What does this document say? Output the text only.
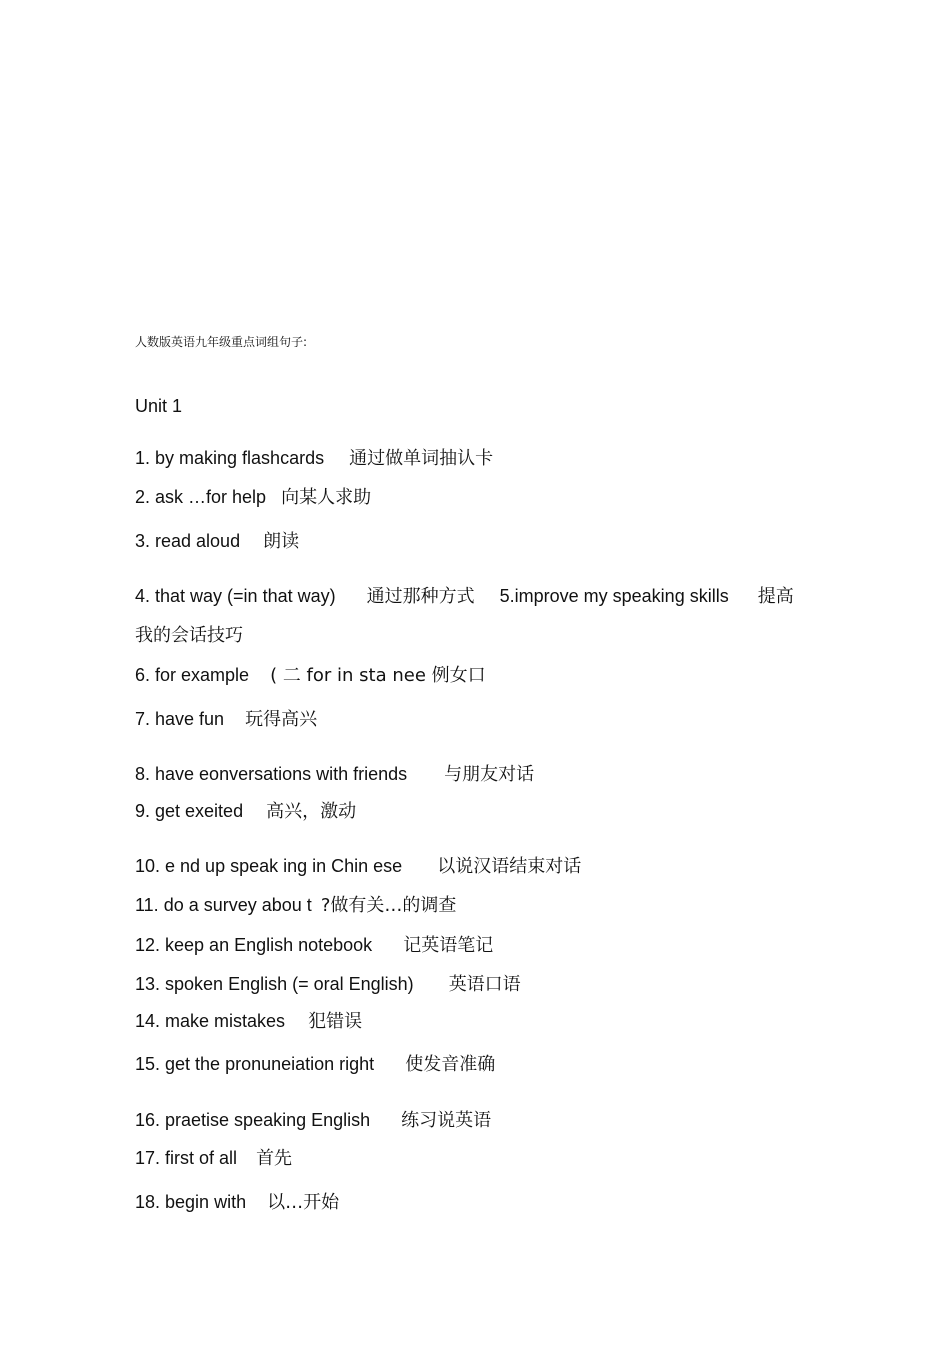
人数版英语九年级重点词组句子:
Unit 1
1. by making flashcards 通过做单词抽认卡
2. ask …for help 向某人求助
3. read aloud 朗读
4. that way (=in that way) 通过那种方式 5.improve my speaking skills 提高
我的会话技巧
6. for example ( 二 for in sta nee 例女口
7. have fun 玩得高兴
8. have eonversations with friends 与朋友对话
9. get exeited 高兴，激动
10. e nd up speak ing in Chin ese 以说汉语结束对话
11. do a survey abou t ?做有关…的调查
12. keep an English notebook 记英语笔记
13. spoken English (= oral English) 英语口语
14. make mistakes 犯错误
15. get the pronuneiation right 使发音准确
16. praetise speaking English 练习说英语
17. first of all 首先
18. begin with 以…开始
